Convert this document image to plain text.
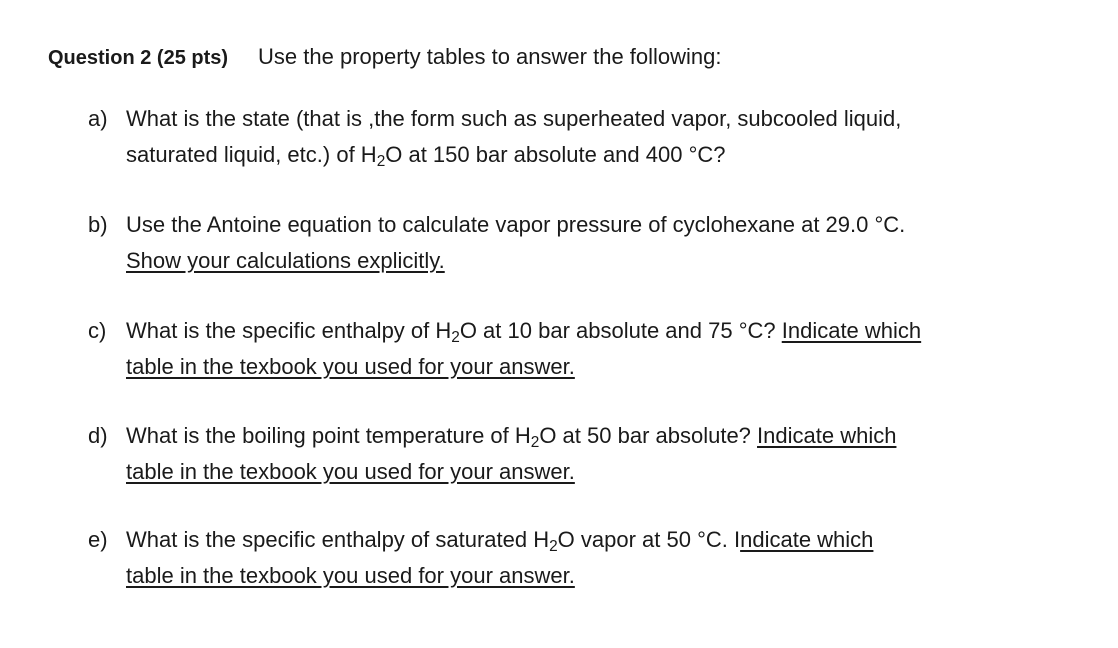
Question 2 (25 pts) Use the property tables to answer the following:
a) What is the state (that is ,the form such as superheated vapor, subcooled liquid,
saturated liquid, etc.) of $H_2O$ at 150 bar absolute and 400 °C?
b) Use the Antoine equation to calculate vapor pressure of cyclohexane at 29.0 °C.
Show your calculations explicitly.
c) What is the specific enthalpy of $H_2O$ at 10 bar absolute and 75 °C? Indicate which
table in the texbook you used for your answer.
d) What is the boiling point temperature of $H_2O$ at 50 bar absolute? Indicate which
table in the texbook you used for your answer.
e) What is the specific enthalpy of saturated $H_2O$ vapor at 50 °C. Indicate which
table in the texbook you used for your answer.
